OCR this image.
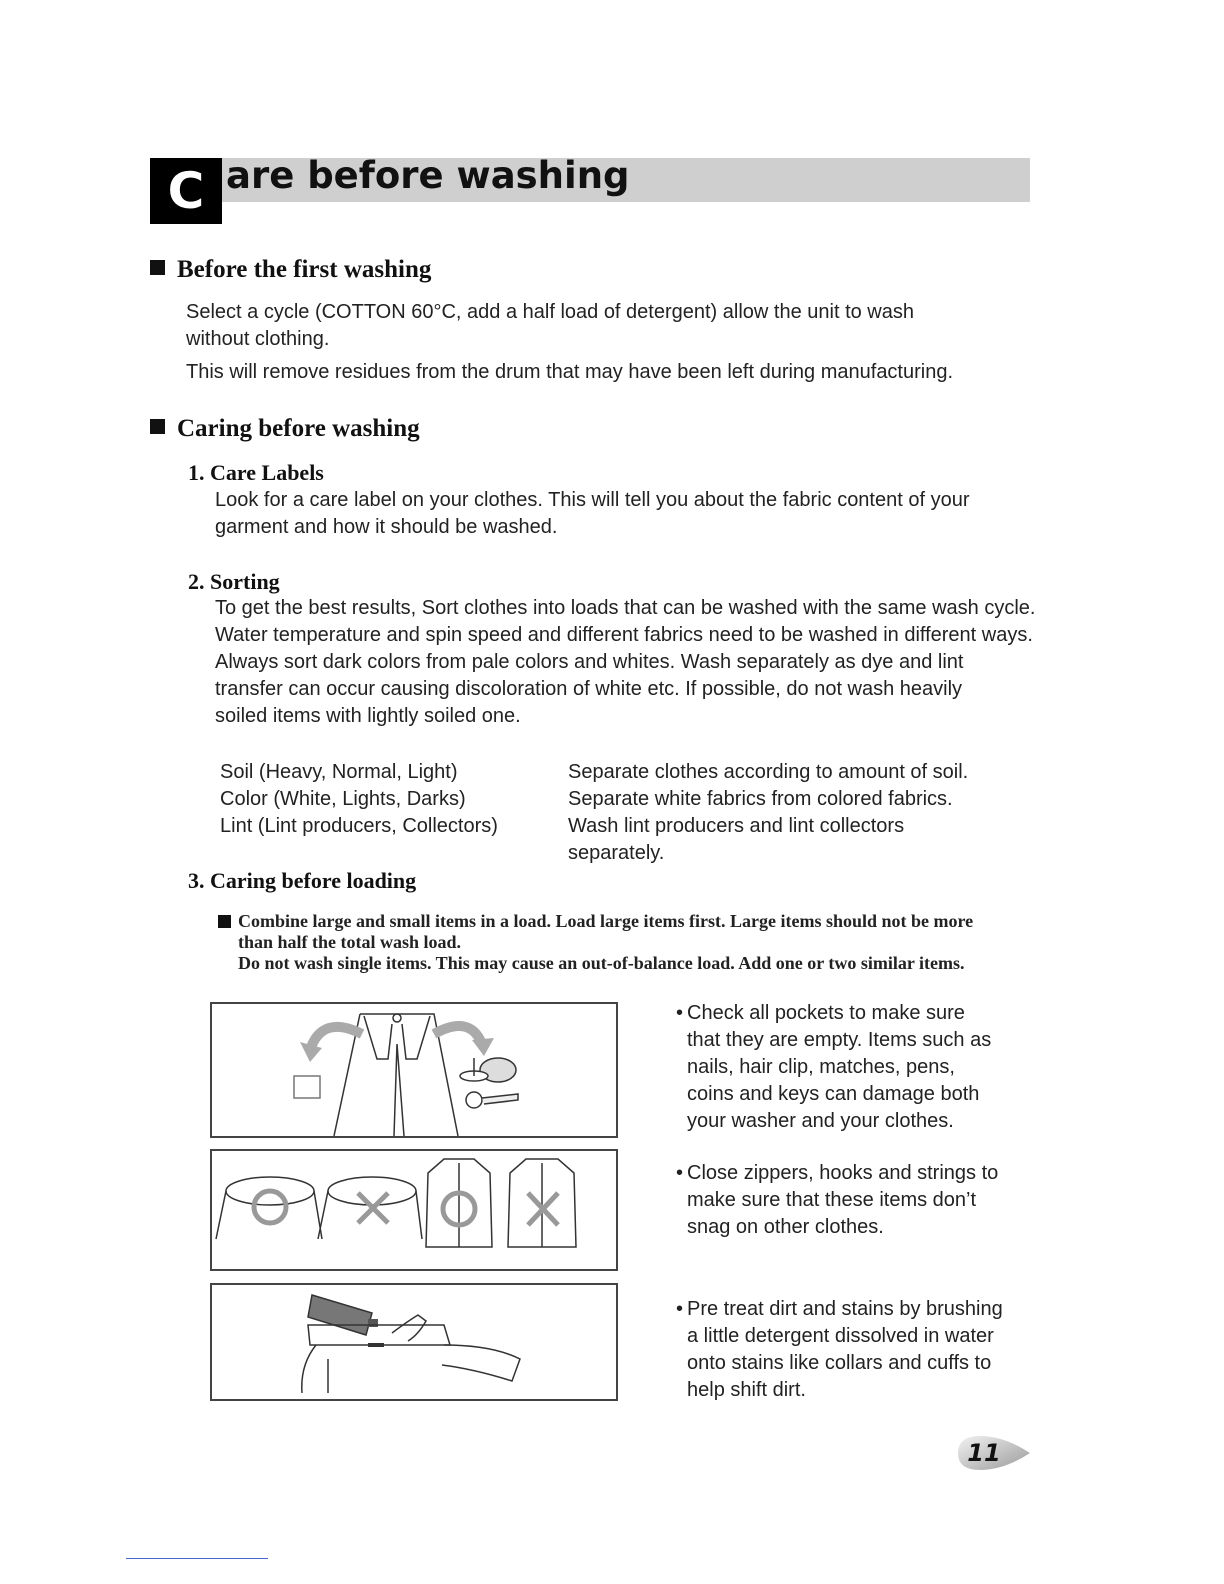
C are before washing
Before the first washing
Select a cycle (COTTON 60°C, add a half load of detergent) allow the unit to wash
without clothing.
This will remove residues from the drum that may have been left during manufacturing.
Caring before washing
1. Care Labels
Look for a care label on your clothes. This will tell you about the fabric content of your
garment and how it should be washed.
2. Sorting
To get the best results, Sort clothes into loads that can be washed with the same wash cycle.
Water temperature and spin speed and different fabrics need to be washed in different ways.
Always sort dark colors from pale colors and whites. Wash separately as dye and lint
transfer can occur causing discoloration of white etc. If possible, do not wash heavily
soiled items with lightly soiled one.
Soil (Heavy, Normal, Light)
Color (White, Lights, Darks)
Lint (Lint producers, Collectors)
Separate clothes according to amount of soil.
Separate white fabrics from colored fabrics.
Wash lint producers and lint collectors
separately.
3. Caring before loading
Combine large and small items in a load. Load large items first. Large items should not be more
than half the total wash load.
Do not wash single items. This may cause an out-of-balance load. Add one or two similar items.
• Check all pockets to make sure
that they are empty. Items such as
nails, hair clip, matches, pens,
coins and keys can damage both
your washer and your clothes.
• Close zippers, hooks and strings to
make sure that these items don’t
snag on other clothes.
• Pre treat dirt and stains by brushing
a little detergent dissolved in water
onto stains like collars and cuffs to
help shift dirt.
11
